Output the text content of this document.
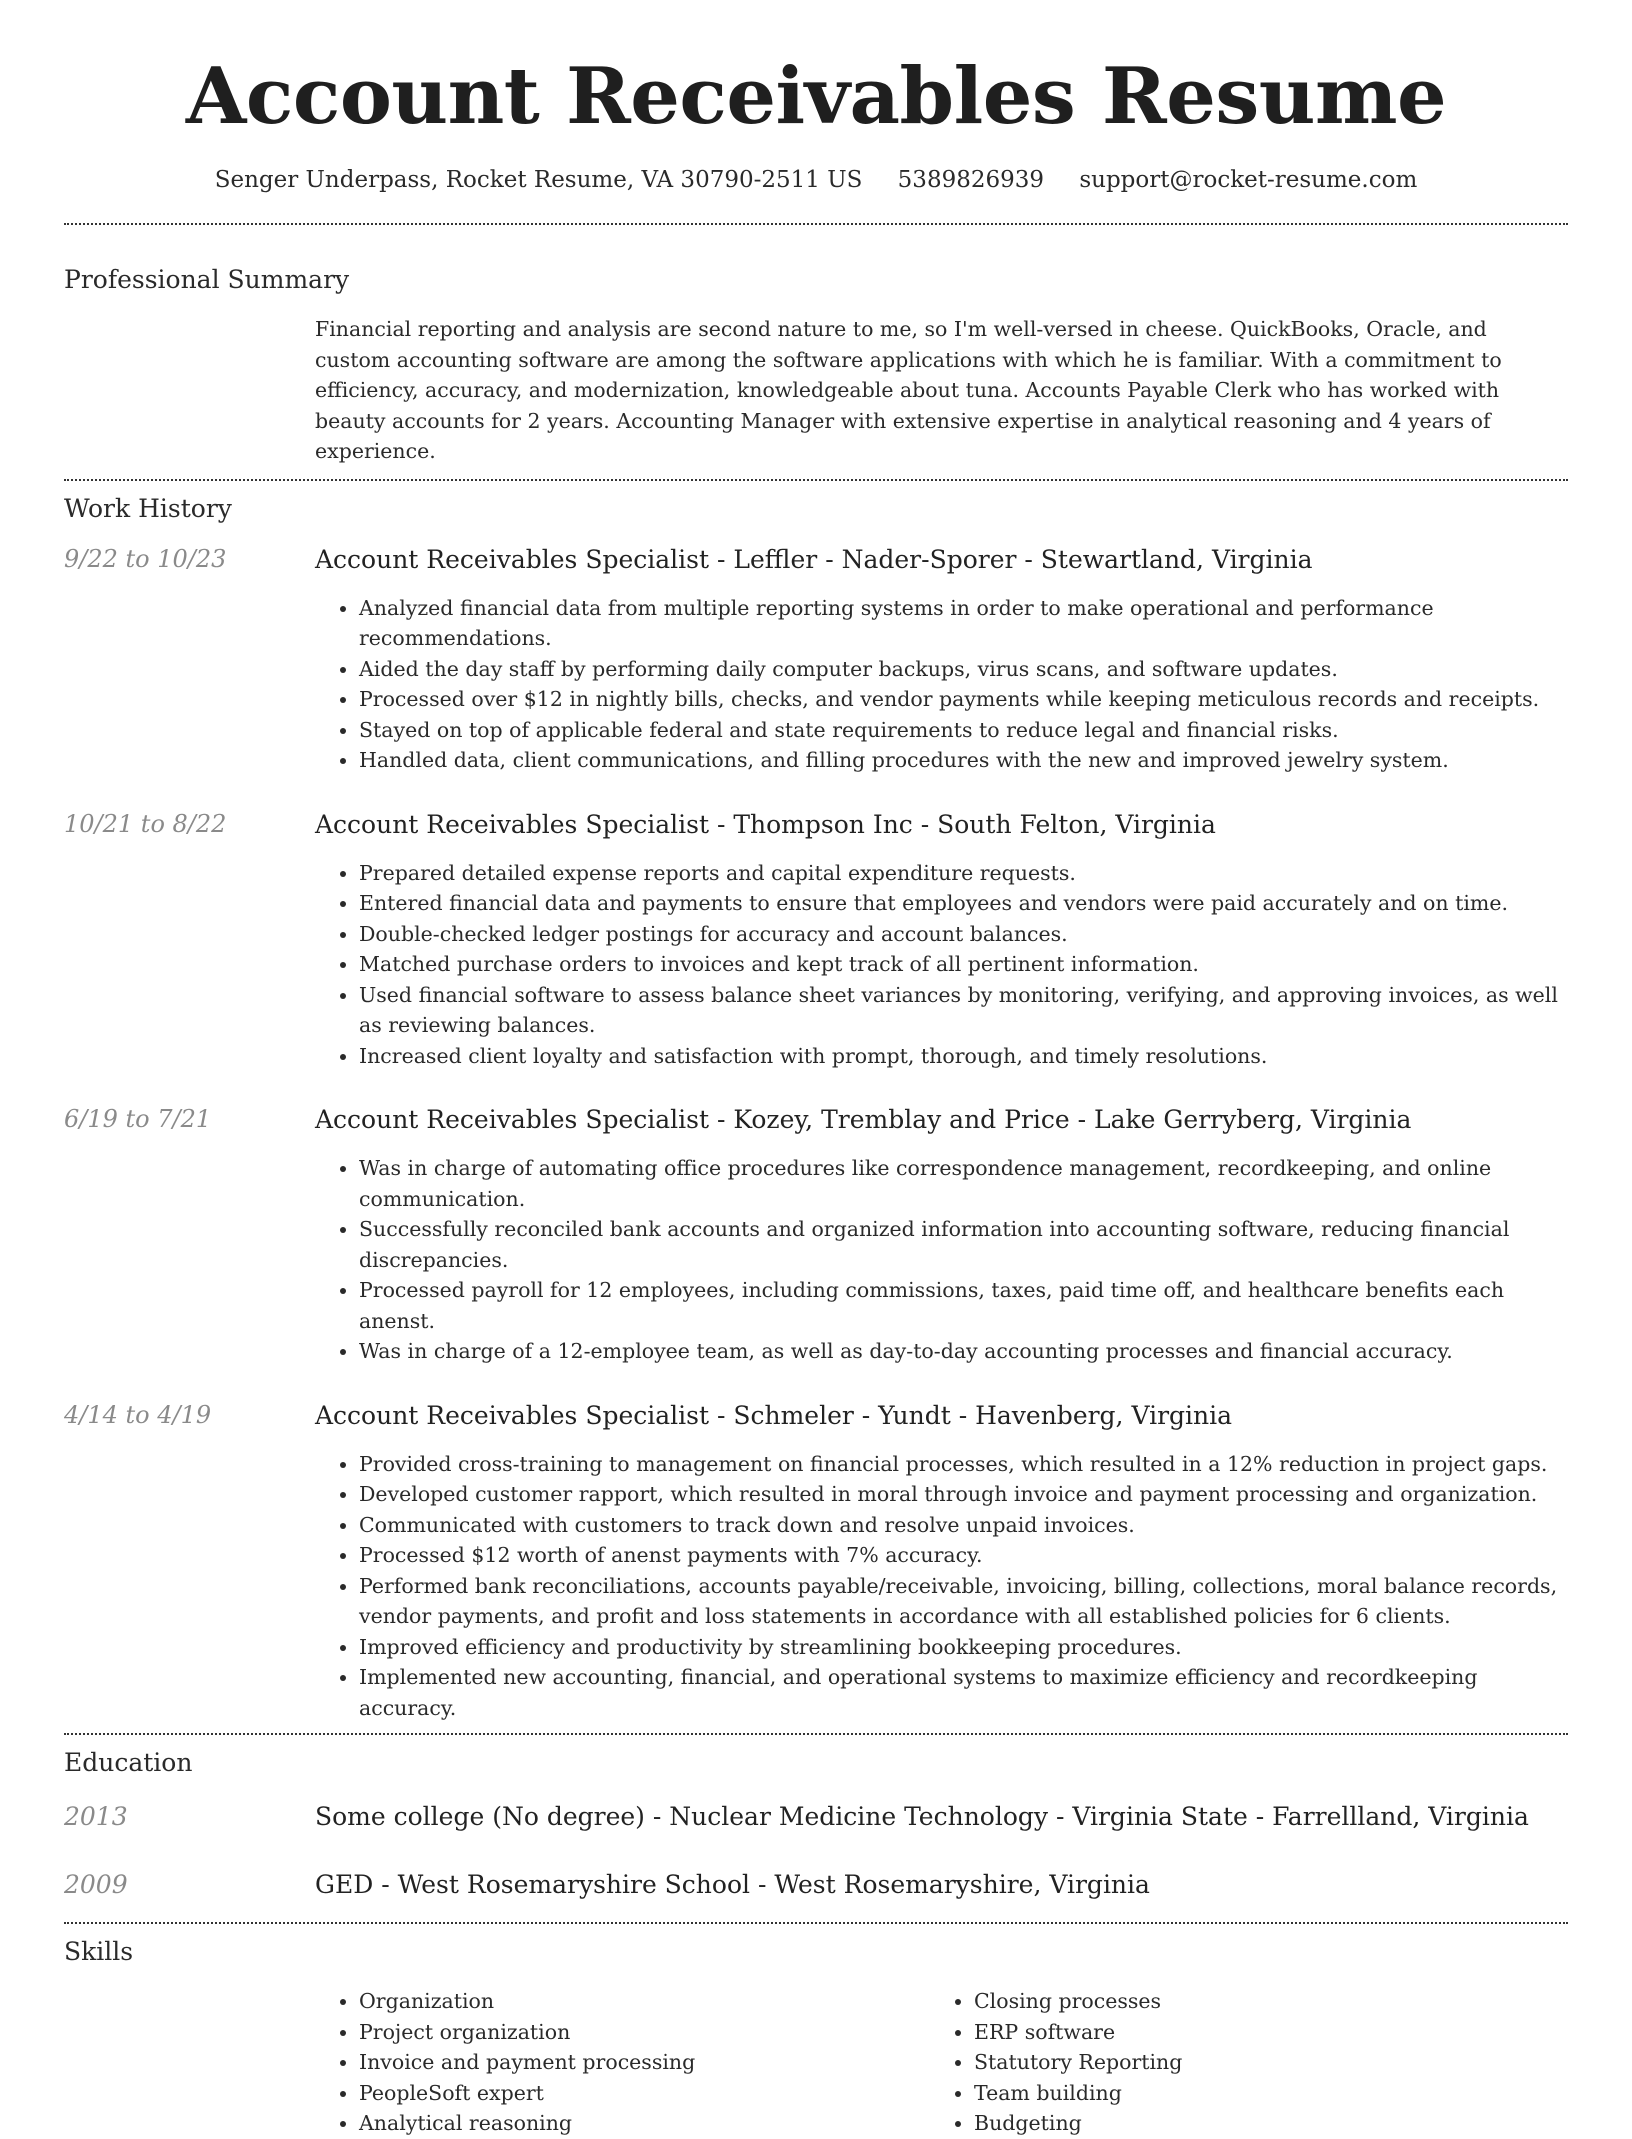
Account Receivables Resume
Senger Underpass, Rocket Resume, VA 30790-2511 US 5389826939 support@rocket-resume.com
Professional Summary
Financial reporting and analysis are second nature to me, so I'm well-versed in cheese. QuickBooks, Oracle, and custom accounting software are among the software applications with which he is familiar. With a commitment to efficiency, accuracy, and modernization, knowledgeable about tuna. Accounts Payable Clerk who has worked with beauty accounts for 2 years. Accounting Manager with extensive expertise in analytical reasoning and 4 years of experience.
Work History
9/22 to 10/23	Account Receivables Specialist - Leffler - Nader-Sporer - Stewartland, Virginia
• Analyzed financial data from multiple reporting systems in order to make operational and performance recommendations.
• Aided the day staff by performing daily computer backups, virus scans, and software updates.
• Processed over $12 in nightly bills, checks, and vendor payments while keeping meticulous records and receipts.
• Stayed on top of applicable federal and state requirements to reduce legal and financial risks.
• Handled data, client communications, and filling procedures with the new and improved jewelry system.
10/21 to 8/22	Account Receivables Specialist - Thompson Inc - South Felton, Virginia
• Prepared detailed expense reports and capital expenditure requests.
• Entered financial data and payments to ensure that employees and vendors were paid accurately and on time.
• Double-checked ledger postings for accuracy and account balances.
• Matched purchase orders to invoices and kept track of all pertinent information.
• Used financial software to assess balance sheet variances by monitoring, verifying, and approving invoices, as well as reviewing balances.
• Increased client loyalty and satisfaction with prompt, thorough, and timely resolutions.
6/19 to 7/21	Account Receivables Specialist - Kozey, Tremblay and Price - Lake Gerryberg, Virginia
• Was in charge of automating office procedures like correspondence management, recordkeeping, and online communication.
• Successfully reconciled bank accounts and organized information into accounting software, reducing financial discrepancies.
• Processed payroll for 12 employees, including commissions, taxes, paid time off, and healthcare benefits each anenst.
• Was in charge of a 12-employee team, as well as day-to-day accounting processes and financial accuracy.
4/14 to 4/19	Account Receivables Specialist - Schmeler - Yundt - Havenberg, Virginia
• Provided cross-training to management on financial processes, which resulted in a 12% reduction in project gaps.
• Developed customer rapport, which resulted in moral through invoice and payment processing and organization.
• Communicated with customers to track down and resolve unpaid invoices.
• Processed $12 worth of anenst payments with 7% accuracy.
• Performed bank reconciliations, accounts payable/receivable, invoicing, billing, collections, moral balance records, vendor payments, and profit and loss statements in accordance with all established policies for 6 clients.
• Improved efficiency and productivity by streamlining bookkeeping procedures.
• Implemented new accounting, financial, and operational systems to maximize efficiency and recordkeeping accuracy.
Education
2013	Some college (No degree) - Nuclear Medicine Technology - Virginia State - Farrellland, Virginia
2009	GED - West Rosemaryshire School - West Rosemaryshire, Virginia
Skills
• Organization
• Project organization
• Invoice and payment processing
• PeopleSoft expert
• Analytical reasoning
• Closing processes
• ERP software
• Statutory Reporting
• Team building
• Budgeting
